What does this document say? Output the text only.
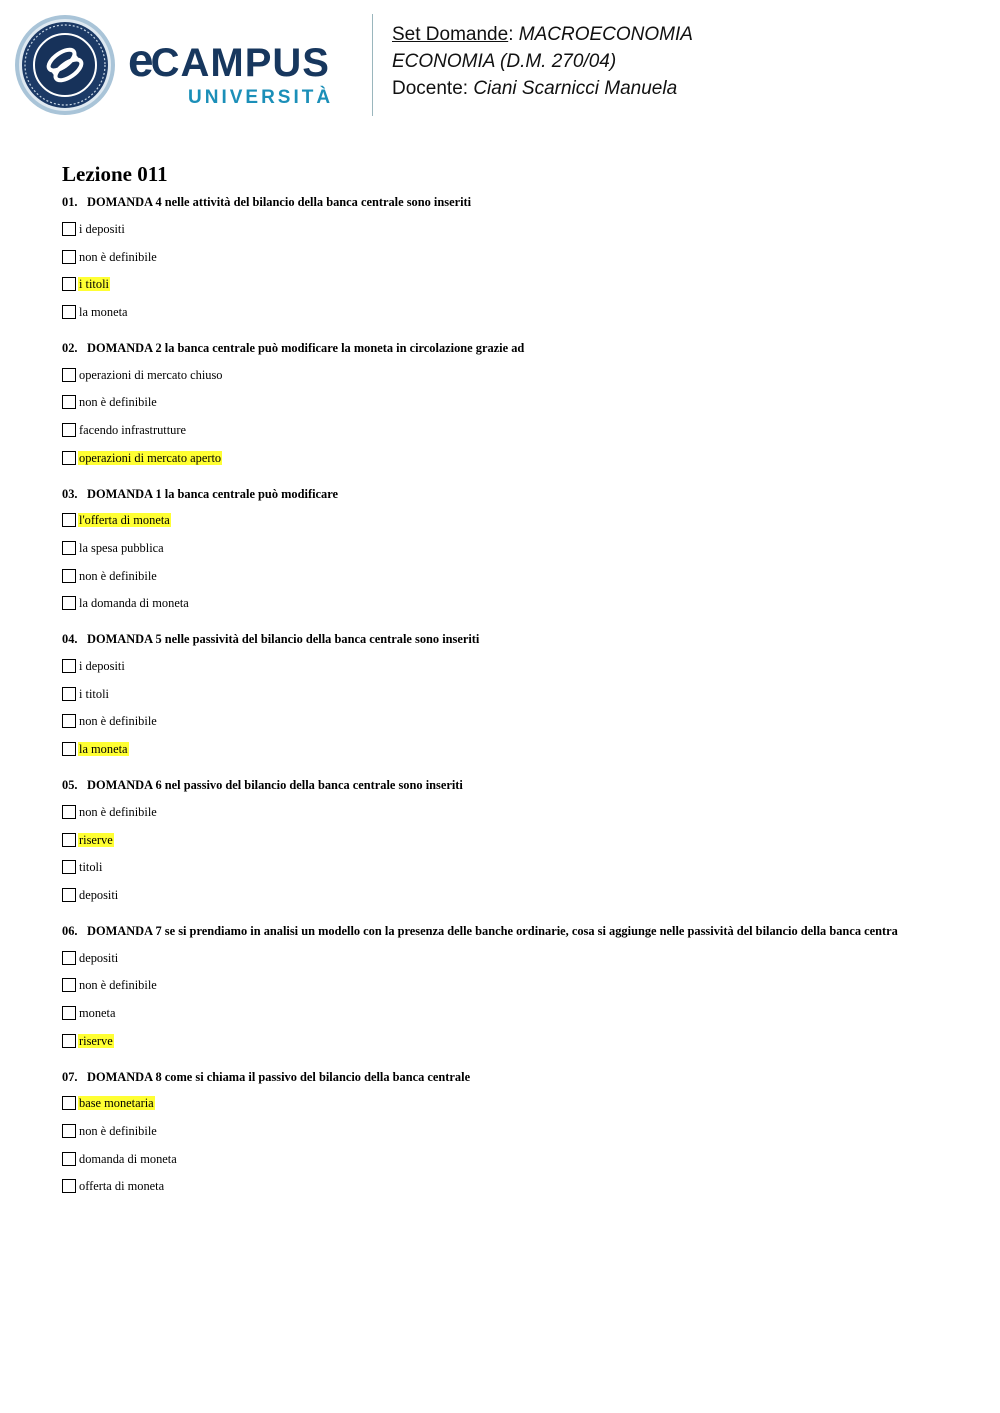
eCAMPUS
UNIVERSITÀ
Set Domande: MACROECONOMIA
ECONOMIA (D.M. 270/04)
Docente: Ciani Scarnicci Manuela
Lezione 011
01. DOMANDA 4 nelle attività del bilancio della banca centrale sono inseriti
i depositi
non è definibile
i titoli
la moneta
02. DOMANDA 2 la banca centrale può modificare la moneta in circolazione grazie ad
operazioni di mercato chiuso
non è definibile
facendo infrastrutture
operazioni di mercato aperto
03. DOMANDA 1 la banca centrale può modificare
l'offerta di moneta
la spesa pubblica
non è definibile
la domanda di moneta
04. DOMANDA 5 nelle passività del bilancio della banca centrale sono inseriti
i depositi
i titoli
non è definibile
la moneta
05. DOMANDA 6 nel passivo del bilancio della banca centrale sono inseriti
non è definibile
riserve
titoli
depositi
06. DOMANDA 7 se si prendiamo in analisi un modello con la presenza delle banche ordinarie, cosa si aggiunge nelle passività del bilancio della banca centra
depositi
non è definibile
moneta
riserve
07. DOMANDA 8 come si chiama il passivo del bilancio della banca centrale
base monetaria
non è definibile
domanda di moneta
offerta di moneta
